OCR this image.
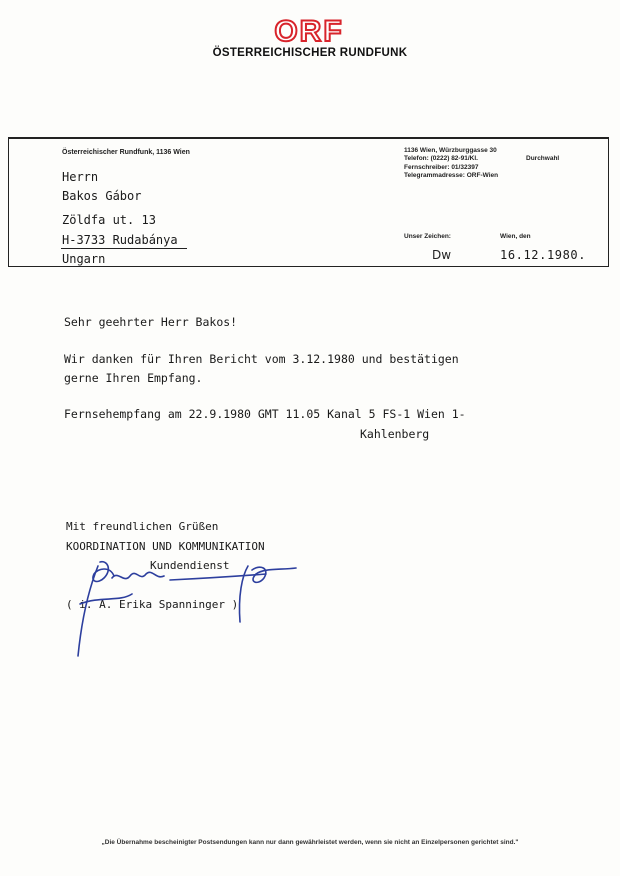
ORF
ÖSTERREICHISCHER RUNDFUNK
Österreichischer Rundfunk, 1136 Wien
Herrn
Bakos Gábor
Zöldfa ut. 13
H-3733 Rudabánya
Ungarn
1136 Wien, Würzburggasse 30
Telefon: (0222) 82-91/Kl.
Fernschreiber: 01/32397
Telegrammadresse: ORF-Wien
Durchwahl
Unser Zeichen:	Wien, den
Dw	16.12.1980.
Sehr geehrter Herr Bakos!
Wir danken für Ihren Bericht vom 3.12.1980 und bestätigen
gerne Ihren Empfang.
Fernsehempfang am 22.9.1980 GMT 11.05 Kanal 5 FS-1 Wien 1-
Kahlenberg
Mit freundlichen Grüßen
KOORDINATION UND KOMMUNIKATION
Kundendienst
( i. A. Erika Spanninger )
„Die Übernahme bescheinigter Postsendungen kann nur dann gewährleistet werden, wenn sie nicht an Einzelpersonen gerichtet sind."
